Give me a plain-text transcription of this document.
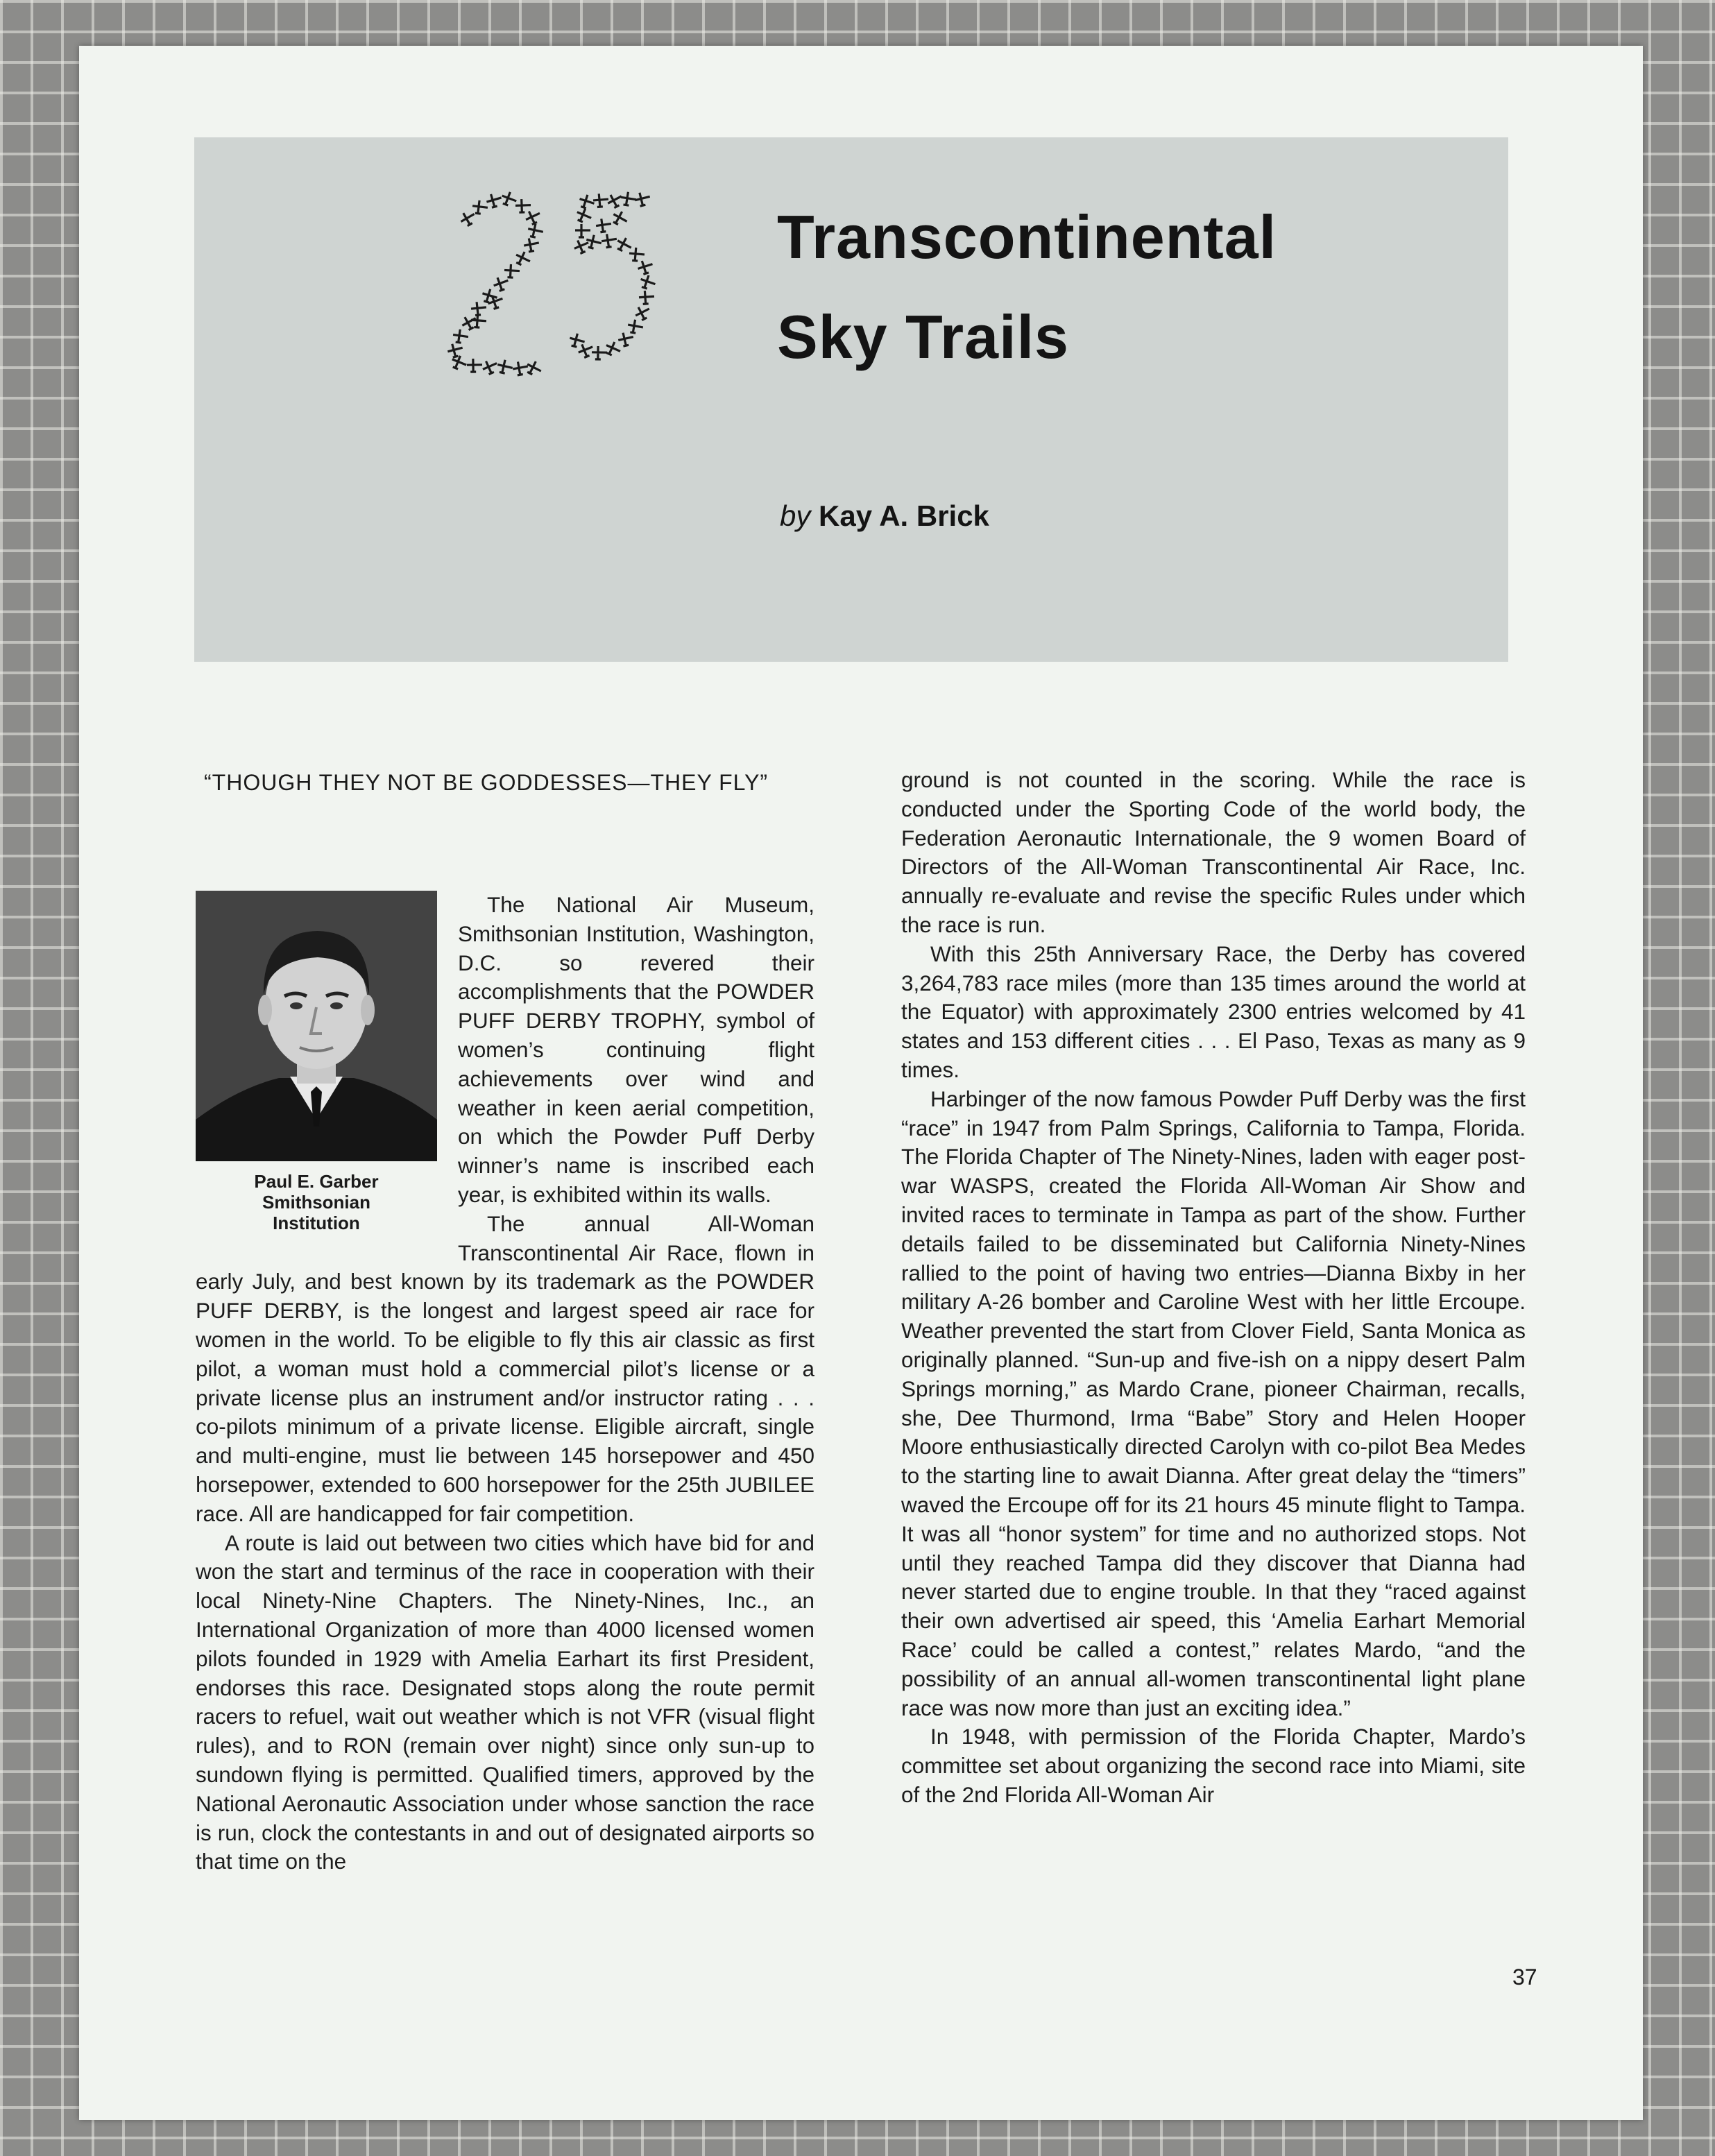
Transcontinental
Sky Trails
by Kay A. Brick
“THOUGH THEY NOT BE GODDESSES—THEY FLY”
Paul E. Garber
Smithsonian
Institution

The National Air Museum, Smithsonian Institution, Washington, D.C. so revered their accomplishments that the POWDER PUFF DERBY TROPHY, symbol of women’s continuing flight achievements over wind and weather in keen aerial competition, on which the Powder Puff Derby winner’s name is inscribed each year, is exhibited within its walls.

The annual All-Woman Transcontinental Air Race, flown in early July, and best known by its trademark as the POWDER PUFF DERBY, is the longest and largest speed air race for women in the world. To be eligible to fly this air classic as first pilot, a woman must hold a commercial pilot’s license or a private license plus an instrument and/or instructor rating . . . co-pilots minimum of a private license. Eligible aircraft, single and multi-engine, must lie between 145 horsepower and 450 horsepower, extended to 600 horsepower for the 25th JUBILEE race. All are handicapped for fair competition.

A route is laid out between two cities which have bid for and won the start and terminus of the race in cooperation with their local Ninety-Nine Chapters. The Ninety-Nines, Inc., an International Organization of more than 4000 licensed women pilots founded in 1929 with Amelia Earhart its first President, endorses this race. Designated stops along the route permit racers to refuel, wait out weather which is not VFR (visual flight rules), and to RON (remain over night) since only sun-up to sundown flying is permitted. Qualified timers, approved by the National Aeronautic Association under whose sanction the race is run, clock the contestants in and out of designated airports so that time on the

ground is not counted in the scoring. While the race is conducted under the Sporting Code of the world body, the Federation Aeronautic Internationale, the 9 women Board of Directors of the All-Woman Transcontinental Air Race, Inc. annually re-evaluate and revise the specific Rules under which the race is run.

With this 25th Anniversary Race, the Derby has covered 3,264,783 race miles (more than 135 times around the world at the Equator) with approximately 2300 entries welcomed by 41 states and 153 different cities . . . El Paso, Texas as many as 9 times.

Harbinger of the now famous Powder Puff Derby was the first “race” in 1947 from Palm Springs, California to Tampa, Florida. The Florida Chapter of The Ninety-Nines, laden with eager post-war WASPS, created the Florida All-Woman Air Show and invited races to terminate in Tampa as part of the show. Further details failed to be disseminated but California Ninety-Nines rallied to the point of having two entries—Dianna Bixby in her military A-26 bomber and Caroline West with her little Ercoupe. Weather prevented the start from Clover Field, Santa Monica as originally planned. “Sun-up and five-ish on a nippy desert Palm Springs morning,” as Mardo Crane, pioneer Chairman, recalls, she, Dee Thurmond, Irma “Babe” Story and Helen Hooper Moore enthusiastically directed Carolyn with co-pilot Bea Medes to the starting line to await Dianna. After great delay the “timers” waved the Ercoupe off for its 21 hours 45 minute flight to Tampa. It was all “honor system” for time and no authorized stops. Not until they reached Tampa did they discover that Dianna had never started due to engine trouble. In that they “raced against their own advertised air speed, this ‘Amelia Earhart Memorial Race’ could be called a contest,” relates Mardo, “and the possibility of an annual all-women transcontinental light plane race was now more than just an exciting idea.”

In 1948, with permission of the Florida Chapter, Mardo’s committee set about organizing the second race into Miami, site of the 2nd Florida All-Woman Air

37
